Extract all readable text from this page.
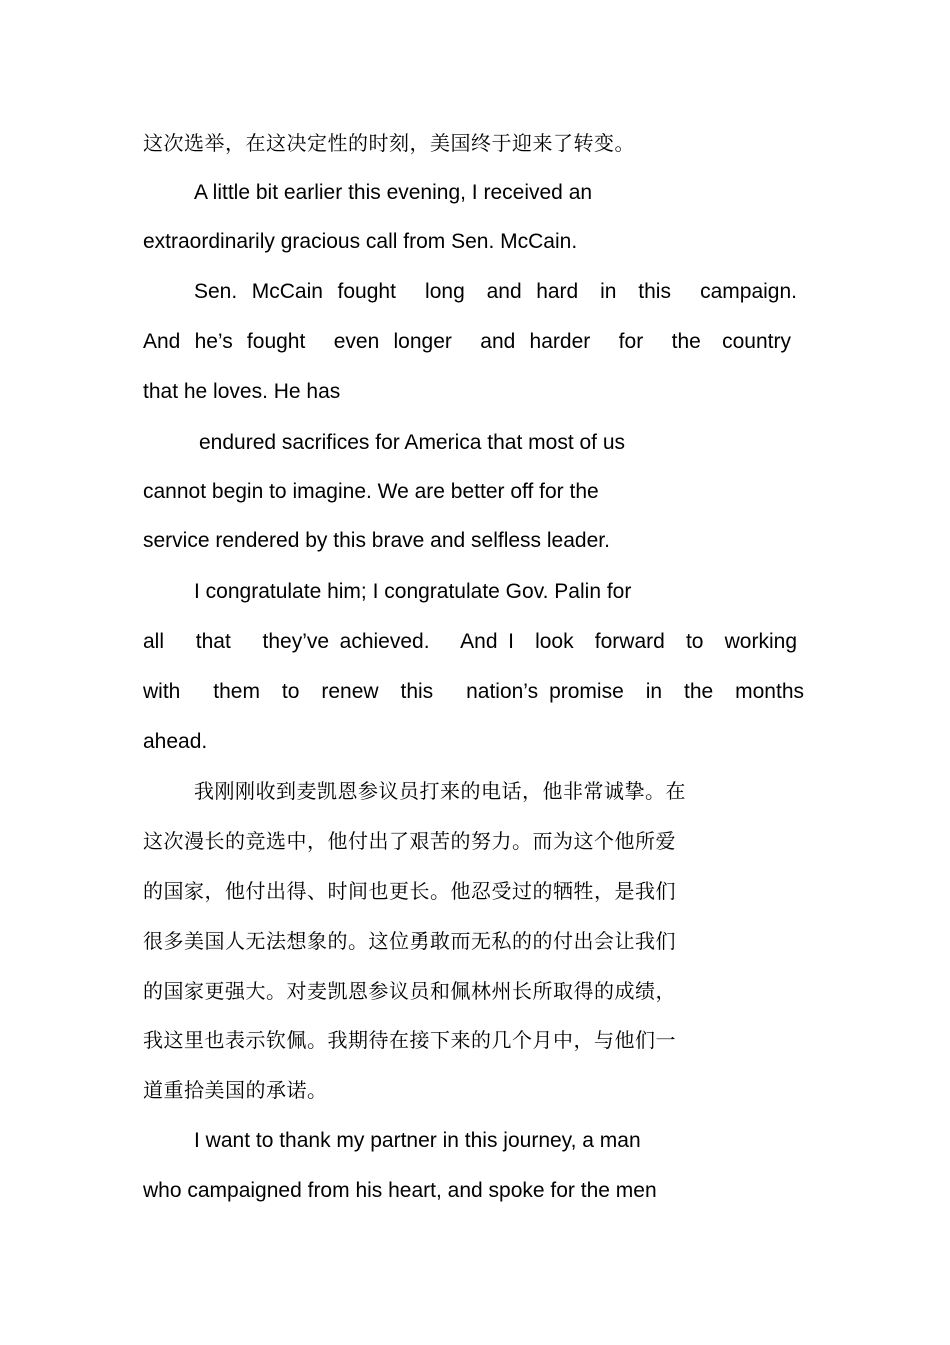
这次选举，在这决定性的时刻，美国终于迎来了转变。
A little bit earlier this evening, I received an
extraordinarily gracious call from Sen. McCain.
Sen.  McCain  fought    long   and  hard   in   this    campaign.
And  he’s  fought    even  longer    and  harder    for    the   country
that he loves. He has
endured sacrifices for America that most of us
cannot begin to imagine. We are better off for the
service rendered by this brave and selfless leader.
I congratulate him; I congratulate Gov. Palin for
all   that   they’ve achieved.   And I  look  forward  to  working
with   them  to  renew  this   nation’s promise  in  the  months
ahead.
我刚刚收到麦凯恩参议员打来的电话，他非常诚挚。在
这次漫长的竞选中，他付出了艰苦的努力。而为这个他所爱
的国家，他付出得、时间也更长。他忍受过的牺牲，是我们
很多美国人无法想象的。这位勇敢而无私的的付出会让我们
的国家更强大。对麦凯恩参议员和佩林州长所取得的成绩，
我这里也表示钦佩。我期待在接下来的几个月中，与他们一
道重拾美国的承诺。
I want to thank my partner in this journey, a man
who campaigned from his heart, and spoke for the men
